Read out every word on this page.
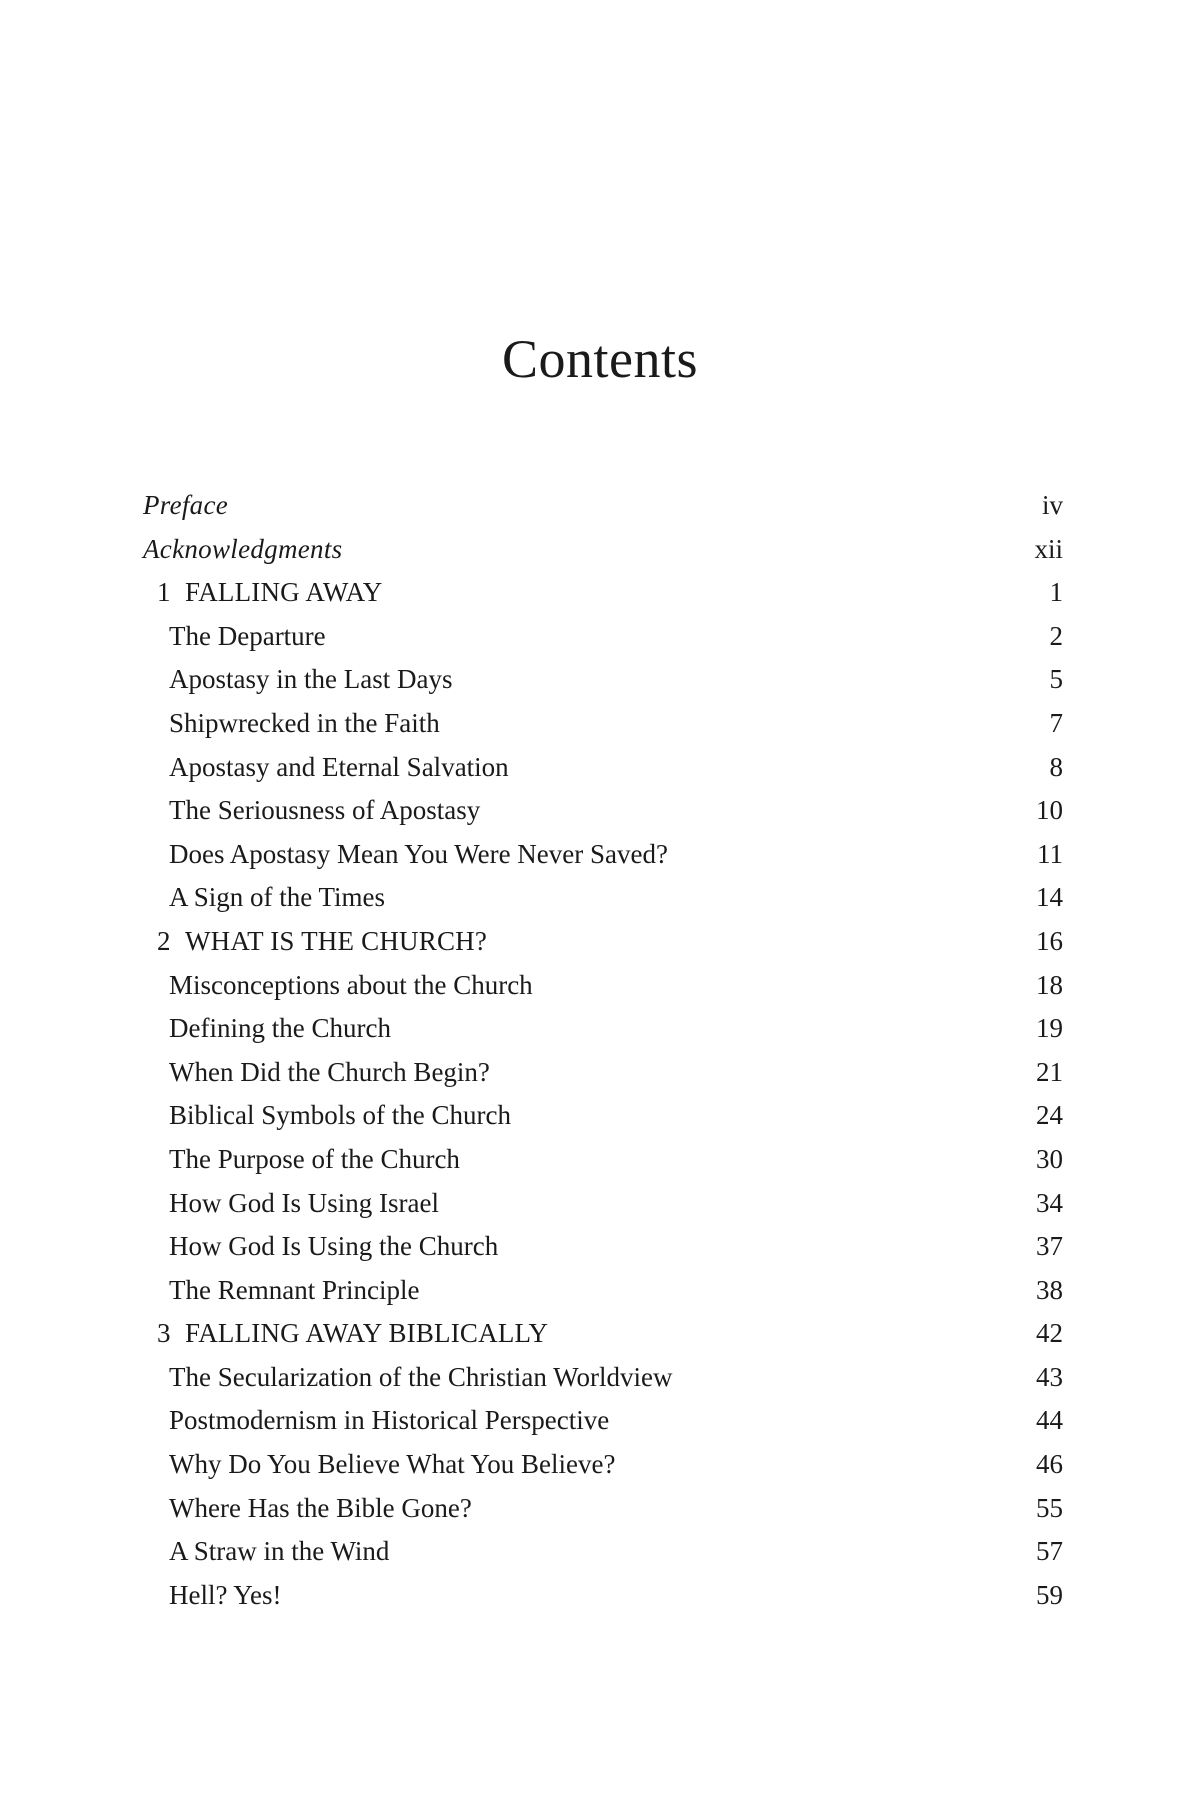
Contents
Preface	iv
Acknowledgments	xii
1 FALLING AWAY	1
The Departure	2
Apostasy in the Last Days	5
Shipwrecked in the Faith	7
Apostasy and Eternal Salvation	8
The Seriousness of Apostasy	10
Does Apostasy Mean You Were Never Saved?	11
A Sign of the Times	14
2 WHAT IS THE CHURCH?	16
Misconceptions about the Church	18
Defining the Church	19
When Did the Church Begin?	21
Biblical Symbols of the Church	24
The Purpose of the Church	30
How God Is Using Israel	34
How God Is Using the Church	37
The Remnant Principle	38
3 FALLING AWAY BIBLICALLY	42
The Secularization of the Christian Worldview	43
Postmodernism in Historical Perspective	44
Why Do You Believe What You Believe?	46
Where Has the Bible Gone?	55
A Straw in the Wind	57
Hell? Yes!	59
